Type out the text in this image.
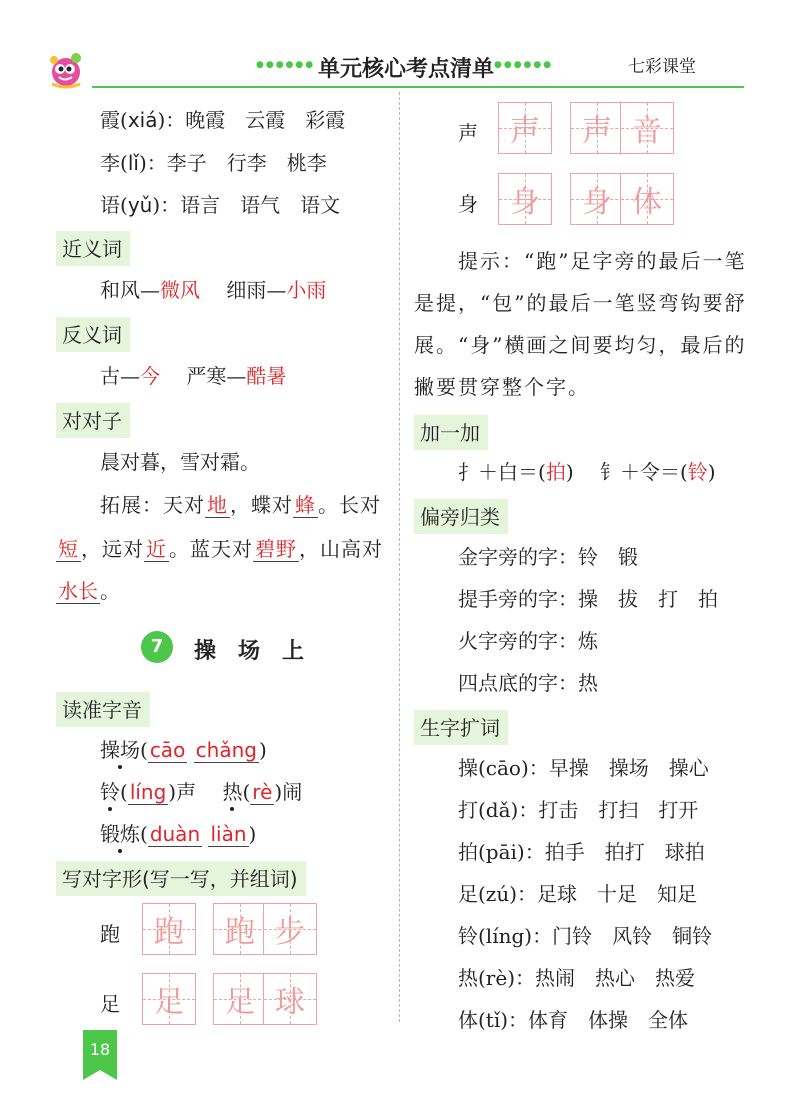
●●●●●● 单元核心考点清单 ●●●●●●	七彩课堂
霞(xiá)：晚霞　云霞　彩霞
李(lǐ)：李子　行李　桃李
语(yǔ)：语言　语气　语文
近义词
和风—微风　 细雨—小雨
反义词
古—今　 严寒—酷暑
对对子
晨对暮，雪对霜。
拓展：天对 地 ，蝶对 蜂 。长对
短 ，远对 近 。蓝天对 碧野 ，山高对
水长 。
7	操　场　上
读准字音
操场( cāo chǎng )
铃( líng )声　 热( rè )闹
锻炼( duàn liàn )
写对字形(写一写，并组词)
跑	跑	跑 步
足	足	足 球
声	声	声 音
身	身	身 体
提示：“跑”足字旁的最后一笔
是提，“包”的最后一笔竖弯钩要舒
展。“身”横画之间要均匀，最后的
撇要贯穿整个字。
加一加
扌＋白＝(拍)　 钅＋令＝(铃)
偏旁归类
金字旁的字：铃　锻
提手旁的字：操　拔　打　拍
火字旁的字：炼
四点底的字：热
生字扩词
操(cāo)：早操　操场　操心
打(dǎ)：打击　打扫　打开
拍(pāi)：拍手　拍打　球拍
足(zú)：足球　十足　知足
铃(líng)：门铃　风铃　铜铃
热(rè)：热闹　热心　热爱
体(tǐ)：体育　体操　全体
18
